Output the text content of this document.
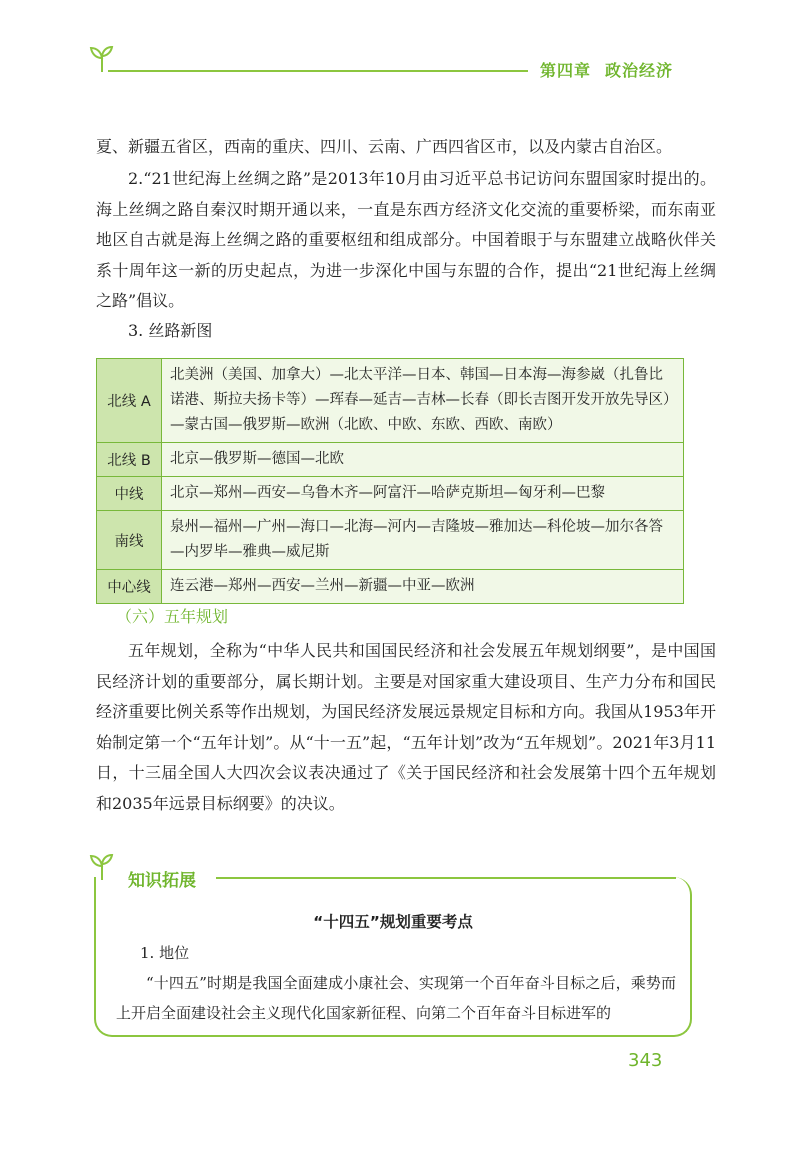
第四章 政治经济
夏、新疆五省区，西南的重庆、四川、云南、广西四省区市，以及内蒙古自治区。
2.“21世纪海上丝绸之路”是2013年10月由习近平总书记访问东盟国家时提出的。海上丝绸之路自秦汉时期开通以来，一直是东西方经济文化交流的重要桥梁，而东南亚地区自古就是海上丝绸之路的重要枢纽和组成部分。中国着眼于与东盟建立战略伙伴关系十周年这一新的历史起点，为进一步深化中国与东盟的合作，提出“21世纪海上丝绸之路”倡议。
3. 丝路新图
北线 A	北美洲（美国、加拿大）—北太平洋—日本、韩国—日本海—海参崴（扎鲁比诺港、斯拉夫扬卡等）—珲春—延吉—吉林—长春（即长吉图开发开放先导区）—蒙古国—俄罗斯—欧洲（北欧、中欧、东欧、西欧、南欧）
北线 B	北京—俄罗斯—德国—北欧
中线	北京—郑州—西安—乌鲁木齐—阿富汗—哈萨克斯坦—匈牙利—巴黎
南线	泉州—福州—广州—海口—北海—河内—吉隆坡—雅加达—科伦坡—加尔各答—内罗毕—雅典—威尼斯
中心线	连云港—郑州—西安—兰州—新疆—中亚—欧洲
（六）五年规划
五年规划，全称为“中华人民共和国国民经济和社会发展五年规划纲要”，是中国国民经济计划的重要部分，属长期计划。主要是对国家重大建设项目、生产力分布和国民经济重要比例关系等作出规划，为国民经济发展远景规定目标和方向。我国从1953年开始制定第一个“五年计划”。从“十一五”起，“五年计划”改为“五年规划”。2021年3月11日，十三届全国人大四次会议表决通过了《关于国民经济和社会发展第十四个五年规划和2035年远景目标纲要》的决议。
知识拓展
“十四五”规划重要考点
1. 地位
“十四五”时期是我国全面建成小康社会、实现第一个百年奋斗目标之后，乘势而上开启全面建设社会主义现代化国家新征程、向第二个百年奋斗目标进军的
343
